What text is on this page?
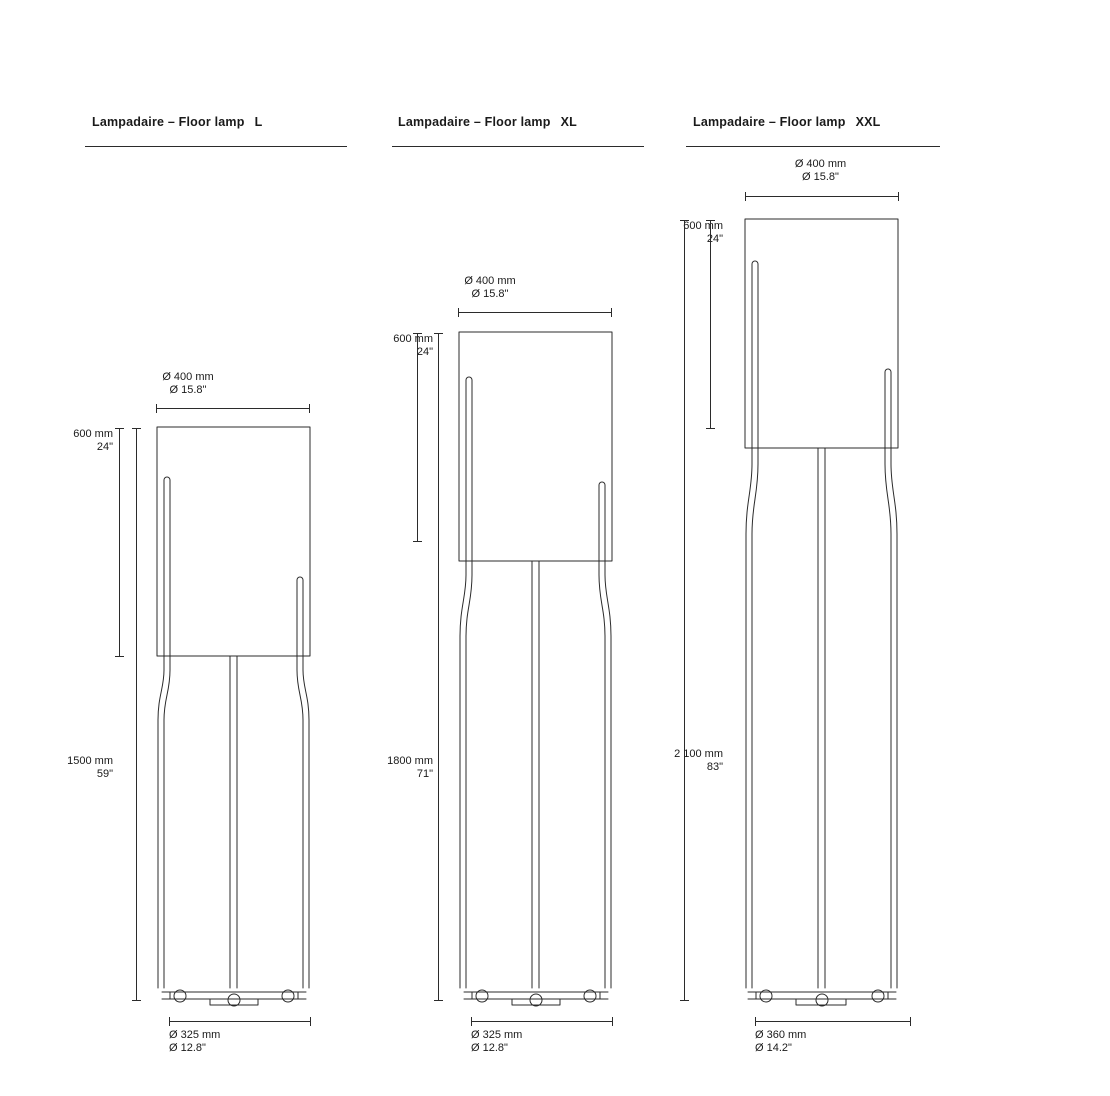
Lampadaire – Floor lamp L
Ø 400 mm
Ø 15.8"
600 mm
24"
1500 mm
59"
Ø 325 mm
Ø 12.8"
Lampadaire – Floor lamp XL
Ø 400 mm
Ø 15.8"
600 mm
24"
1800 mm
71"
Ø 325 mm
Ø 12.8"
Lampadaire – Floor lamp XXL
Ø 400 mm
Ø 15.8"
600 mm
24"
2 100 mm
83"
Ø 360 mm
Ø 14.2"
